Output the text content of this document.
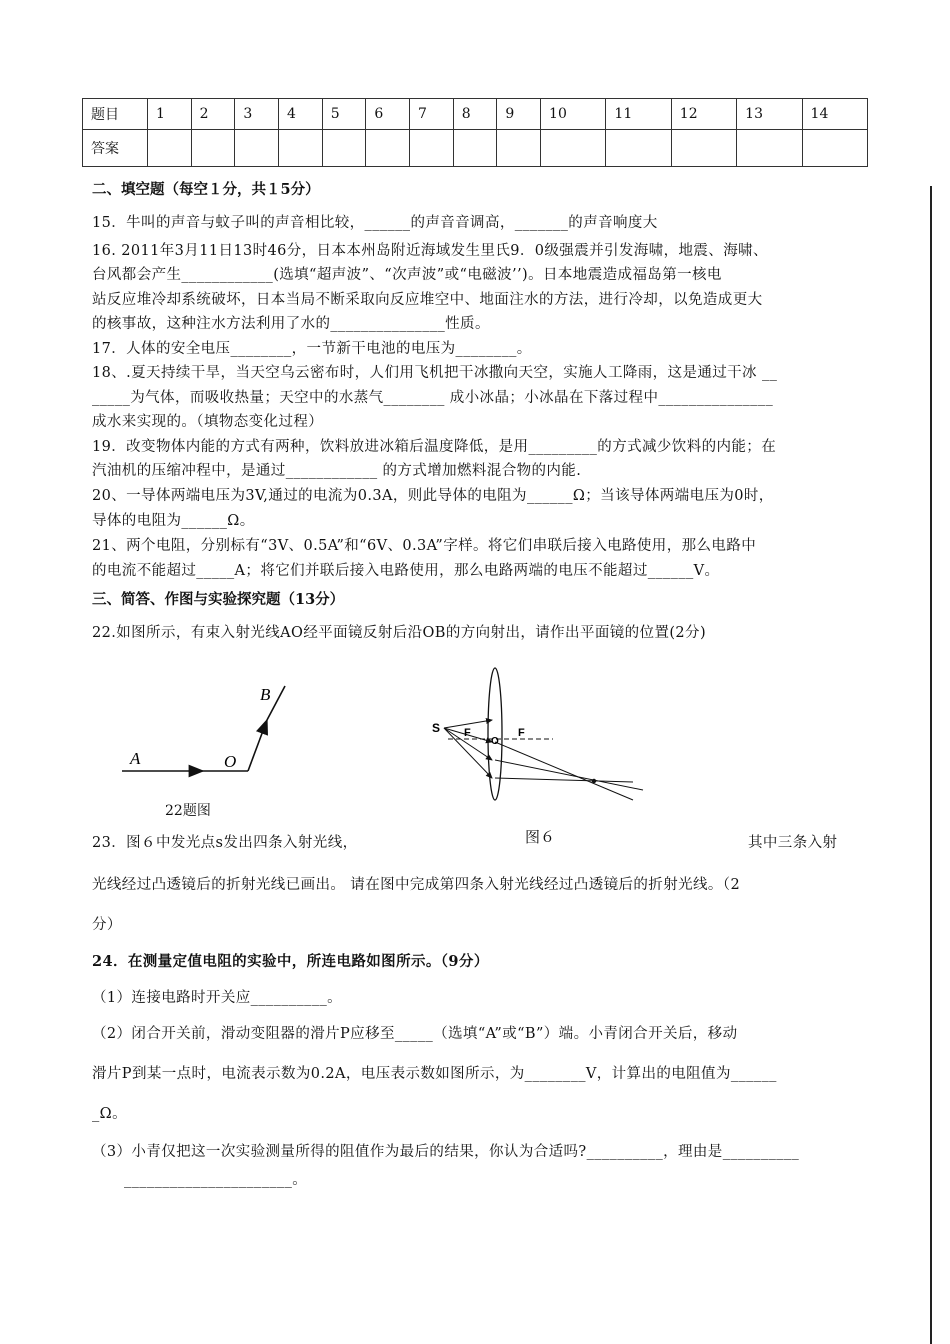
题目	1	2	3	4	5	6	7	8	9	10	11	12	13	14
答案														
二、填空题（每空１分，共１5分）
15．牛叫的声音与蚊子叫的声音相比较，______的声音音调高，_______的声音响度大
16. 2011年3月11日13时46分，日本本州岛附近海域发生里氏9．0级强震并引发海啸，地震、海啸、
台风都会产生____________(选填“超声波”、“次声波”或“电磁波’’)。日本地震造成福岛第一核电
站反应堆冷却系统破坏，日本当局不断采取向反应堆空中、地面注水的方法，进行冷却，以免造成更大
的核事故，这种注水方法利用了水的_______________性质。
17．人体的安全电压________，一节新干电池的电压为________。
18、.夏天持续干旱，当天空乌云密布时，人们用飞机把干冰撒向天空，实施人工降雨，这是通过干冰 __
_____为气体，而吸收热量；天空中的水蒸气________ 成小冰晶；小冰晶在下落过程中_______________
成水来实现的。（填物态变化过程）
19．改变物体内能的方式有两种，饮料放进冰箱后温度降低，是用_________的方式减少饮料的内能；在
汽油机的压缩冲程中，是通过____________ 的方式增加燃料混合物的内能.
20、一导体两端电压为3V,通过的电流为0.3A，则此导体的电阻为______Ω；当该导体两端电压为0时，
导体的电阻为______Ω。
21、两个电阻，分别标有“3V、0.5A”和“6V、0.3A”字样。将它们串联后接入电路使用，那么电路中
的电流不能超过_____A；将它们并联后接入电路使用，那么电路两端的电压不能超过______V。
三、简答、作图与实验探究题（13分）
22.如图所示，有束入射光线AO经平面镜反射后沿OB的方向射出，请作出平面镜的位置(2分)
A	O
B
22题图
S F
O
F
图６
23．图６中发光点s发出四条入射光线，	其中三条入射
光线经过凸透镜后的折射光线已画出。 请在图中完成第四条入射光线经过凸透镜后的折射光线。（2
分）
24．在测量定值电阻的实验中，所连电路如图所示。（9分）
（1）连接电路时开关应__________。
（2）闭合开关前，滑动变阻器的滑片P应移至_____（选填“A”或“B”）端。小青闭合开关后，移动
滑片P到某一点时，电流表示数为0.2A，电压表示数如图所示，为________V，计算出的电阻值为______
_Ω。
（3）小青仅把这一次实验测量所得的阻值作为最后的结果，你认为合适吗?__________，理由是__________
______________________。
